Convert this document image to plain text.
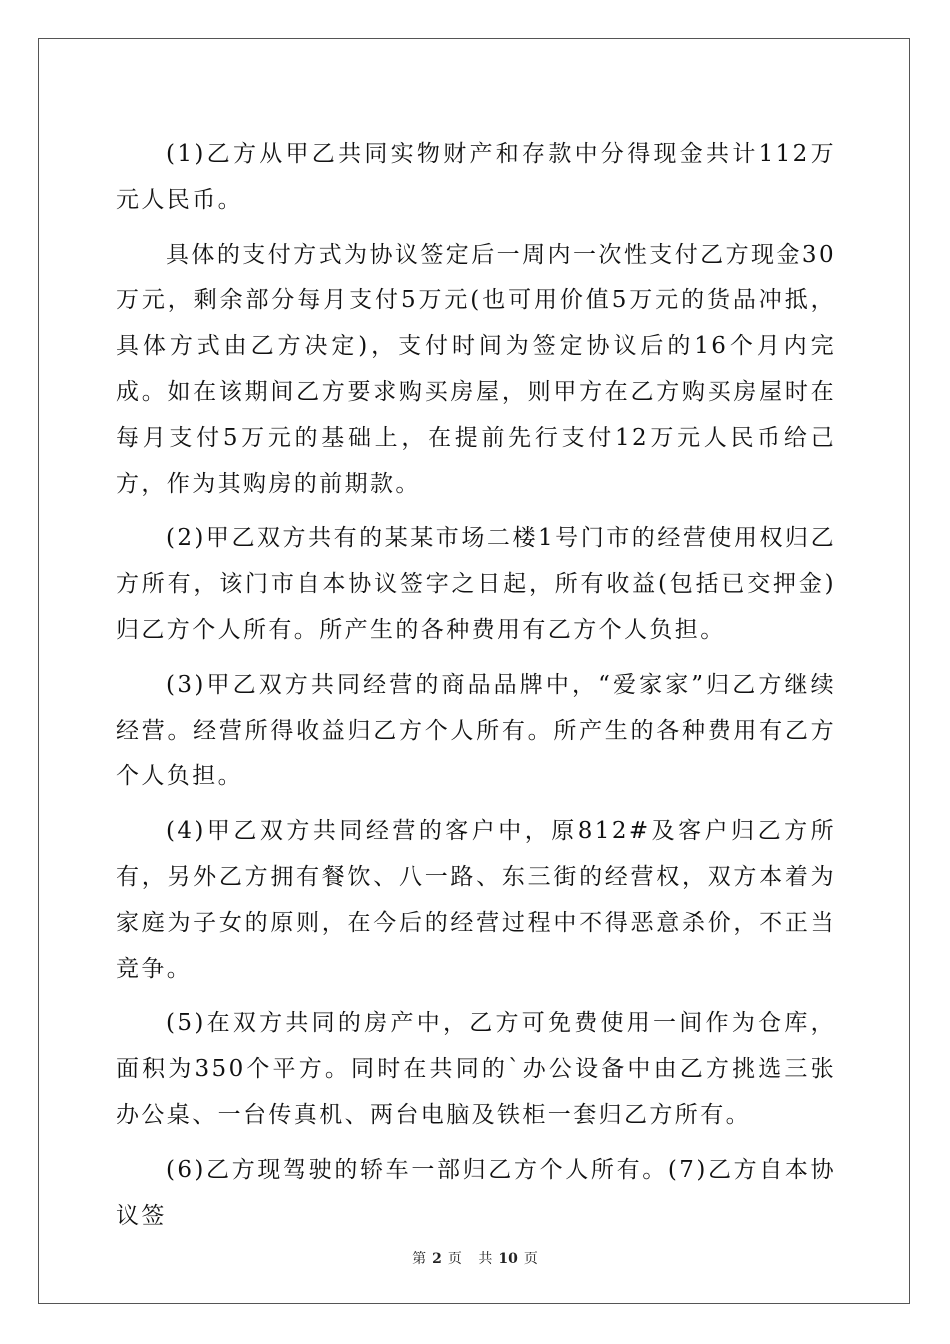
(1)乙方从甲乙共同实物财产和存款中分得现金共计112万元人民币。

具体的支付方式为协议签定后一周内一次性支付乙方现金30万元，剩余部分每月支付5万元(也可用价值5万元的货品冲抵，具体方式由乙方决定)，支付时间为签定协议后的16个月内完成。如在该期间乙方要求购买房屋，则甲方在乙方购买房屋时在每月支付5万元的基础上，在提前先行支付12万元人民币给己方，作为其购房的前期款。

(2)甲乙双方共有的某某市场二楼1号门市的经营使用权归乙方所有，该门市自本协议签字之日起，所有收益(包括已交押金)归乙方个人所有。所产生的各种费用有乙方个人负担。

(3)甲乙双方共同经营的商品品牌中，“爱家家”归乙方继续经营。经营所得收益归乙方个人所有。所产生的各种费用有乙方个人负担。

(4)甲乙双方共同经营的客户中，原812#及客户归乙方所有，另外乙方拥有餐饮、八一路、东三街的经营权，双方本着为家庭为子女的原则，在今后的经营过程中不得恶意杀价，不正当竞争。

(5)在双方共同的房产中，乙方可免费使用一间作为仓库，面积为350个平方。同时在共同的`办公设备中由乙方挑选三张办公桌、一台传真机、两台电脑及铁柜一套归乙方所有。

(6)乙方现驾驶的轿车一部归乙方个人所有。(7)乙方自本协议签

第 2 页 共 10 页
